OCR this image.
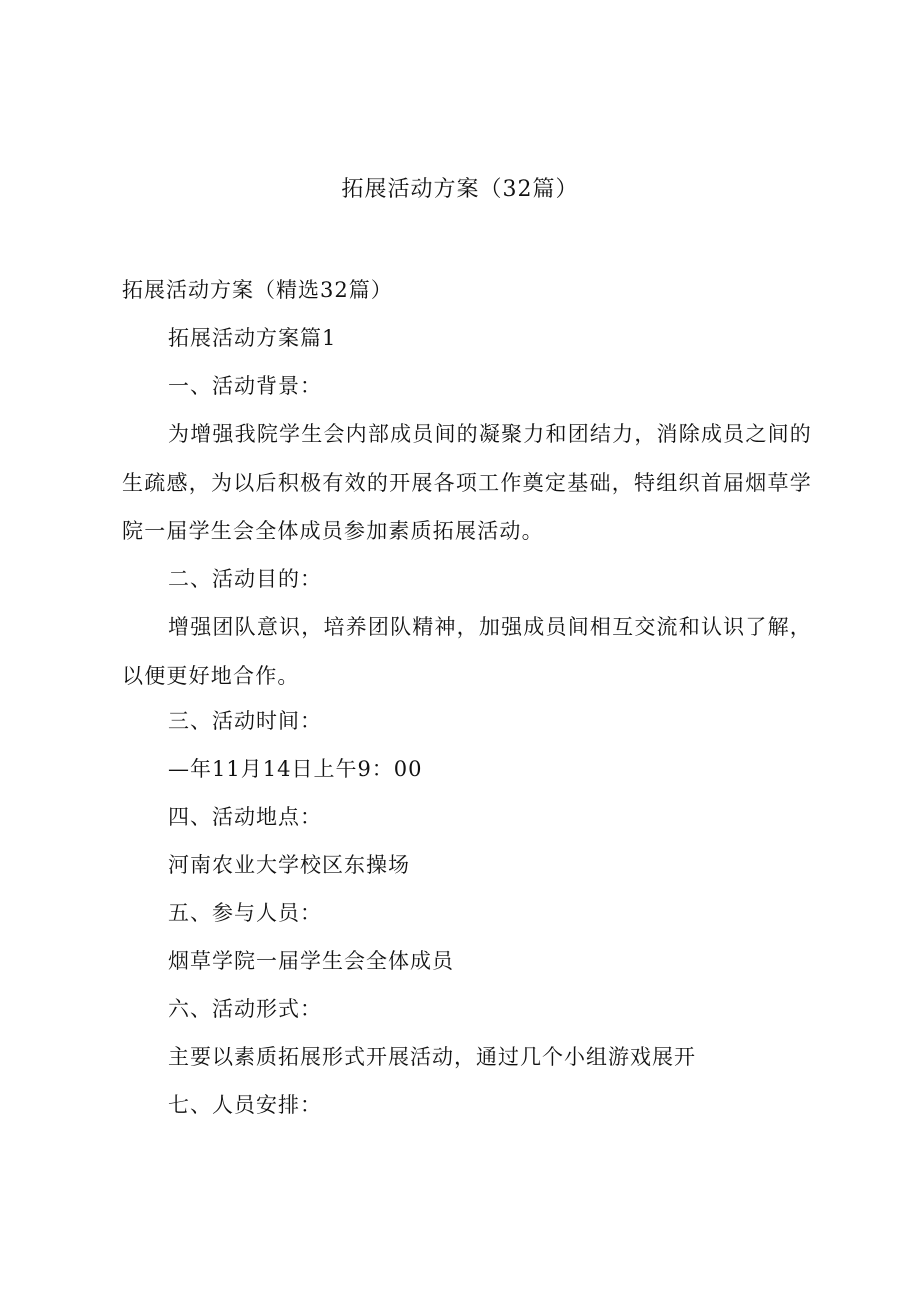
拓展活动方案（32篇）
拓展活动方案（精选32篇）
拓展活动方案篇1
一、活动背景：
为增强我院学生会内部成员间的凝聚力和团结力，消除成员之间的生疏感，为以后积极有效的开展各项工作奠定基础，特组织首届烟草学院一届学生会全体成员参加素质拓展活动。
二、活动目的：
增强团队意识，培养团队精神，加强成员间相互交流和认识了解，以便更好地合作。
三、活动时间：
—年11月14日上午9：00
四、活动地点：
河南农业大学校区东操场
五、参与人员：
烟草学院一届学生会全体成员
六、活动形式：
主要以素质拓展形式开展活动，通过几个小组游戏展开
七、人员安排：
